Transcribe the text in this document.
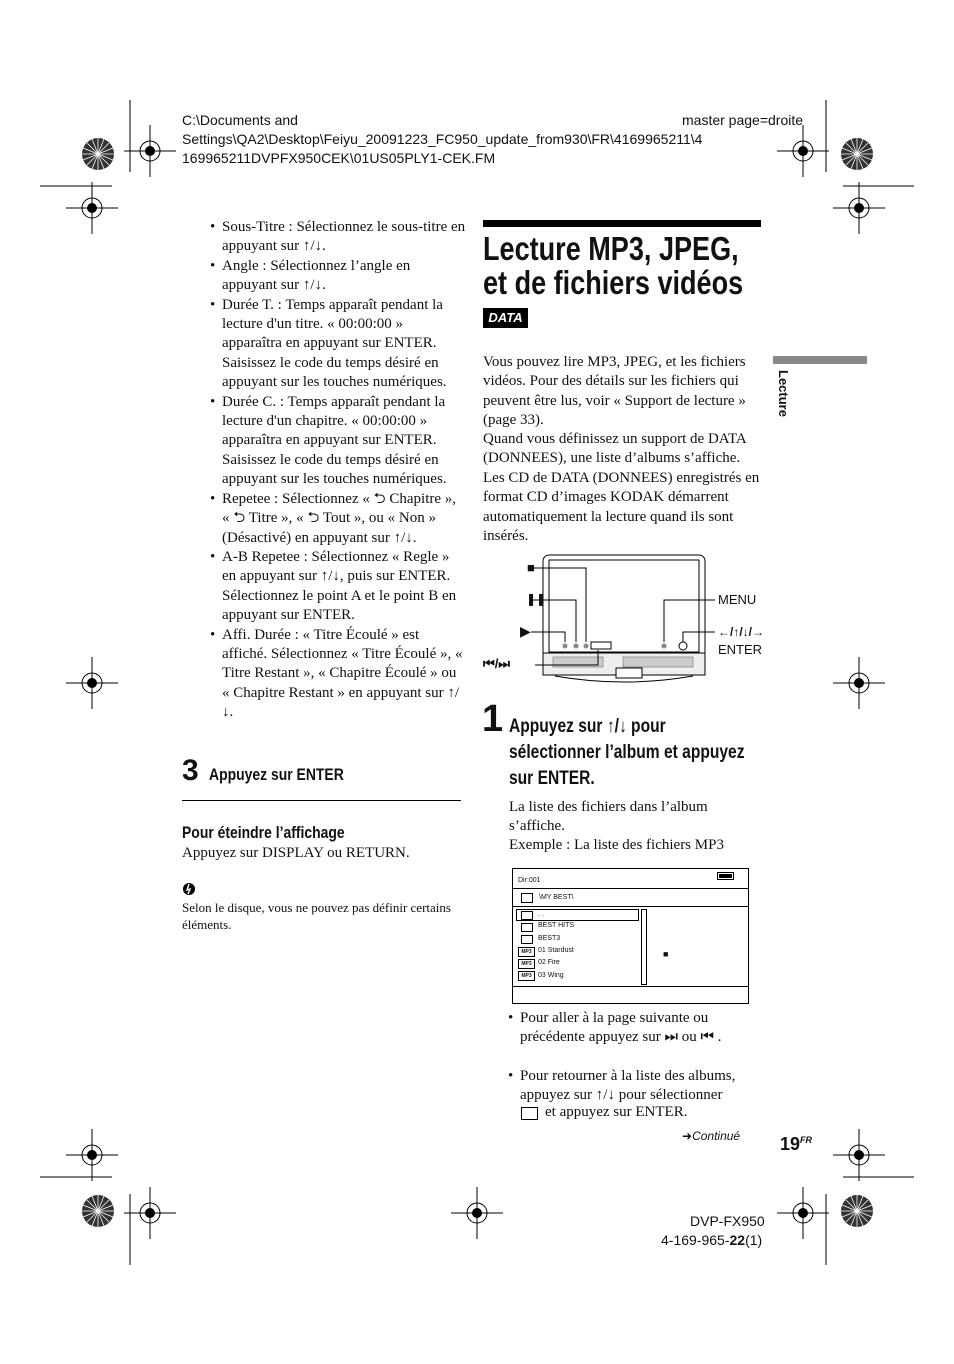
C:\Documents and
Settings\QA2\Desktop\Feiyu_20091223_FC950_update_from930\FR\4169965211\4
169965211DVPFX950CEK\01US05PLY1-CEK.FM
master page=droite
• Sous-Titre : Sélectionnez le sous-titre en appuyant sur ↑/↓.
• Angle : Sélectionnez l’angle en appuyant sur ↑/↓.
• Durée T. : Temps apparaît pendant la lecture d'un titre. « 00:00:00 » apparaîtra en appuyant sur ENTER. Saisissez le code du temps désiré en appuyant sur les touches numériques.
• Durée C. : Temps apparaît pendant la lecture d'un chapitre. « 00:00:00 » apparaîtra en appuyant sur ENTER. Saisissez le code du temps désiré en appuyant sur les touches numériques.
• Repetee : Sélectionnez « ⮌ Chapitre », « ⮌ Titre », « ⮌ Tout », ou « Non » (Désactivé) en appuyant sur ↑/↓.
• A-B Repetee : Sélectionnez « Regle » en appuyant sur ↑/↓, puis sur ENTER. Sélectionnez le point A et le point B en appuyant sur ENTER.
• Affi. Durée : « Titre Écoulé » est affiché. Sélectionnez « Titre Écoulé », « Titre Restant », « Chapitre Écoulé » ou « Chapitre Restant » en appuyant sur ↑/↓.
3 Appuyez sur ENTER
Pour éteindre l’affichage
Appuyez sur DISPLAY ou RETURN.
Selon le disque, vous ne pouvez pas définir certains éléments.
Lecture MP3, JPEG,
et de fichiers vidéos
DATA
Vous pouvez lire MP3, JPEG, et les fichiers vidéos. Pour des détails sur les fichiers qui peuvent être lus, voir « Support de lecture » (page 33).
Quand vous définissez un support de DATA (DONNEES), une liste d’albums s’affiche. Les CD de DATA (DONNEES) enregistrés en format CD d’images KODAK démarrent automatiquement la lecture quand ils sont insérés.
■
❚❚
▶
⏮/⏭
MENU
←/↑/↓/→
ENTER
1 Appuyez sur ↑/↓ pour
sélectionner l’album et appuyez
sur ENTER.
La liste des fichiers dans l’album
s’affiche.
Exemple : La liste des fichiers MP3
Dir:001
\MY BEST\
■
. .
BEST HITS
BEST3
MP3 01 Stardust
MP3 02 Fire
MP3 03 Wing
• Pour aller à la page suivante ou précédente appuyez sur ⏭ ou ⏮ .
• Pour retourner à la liste des albums, appuyez sur ↑/↓ pour sélectionner
et appuyez sur ENTER.
➜Continué
Lecture
$19^{FR}$
DVP-FX950
4-169-965-22(1)
